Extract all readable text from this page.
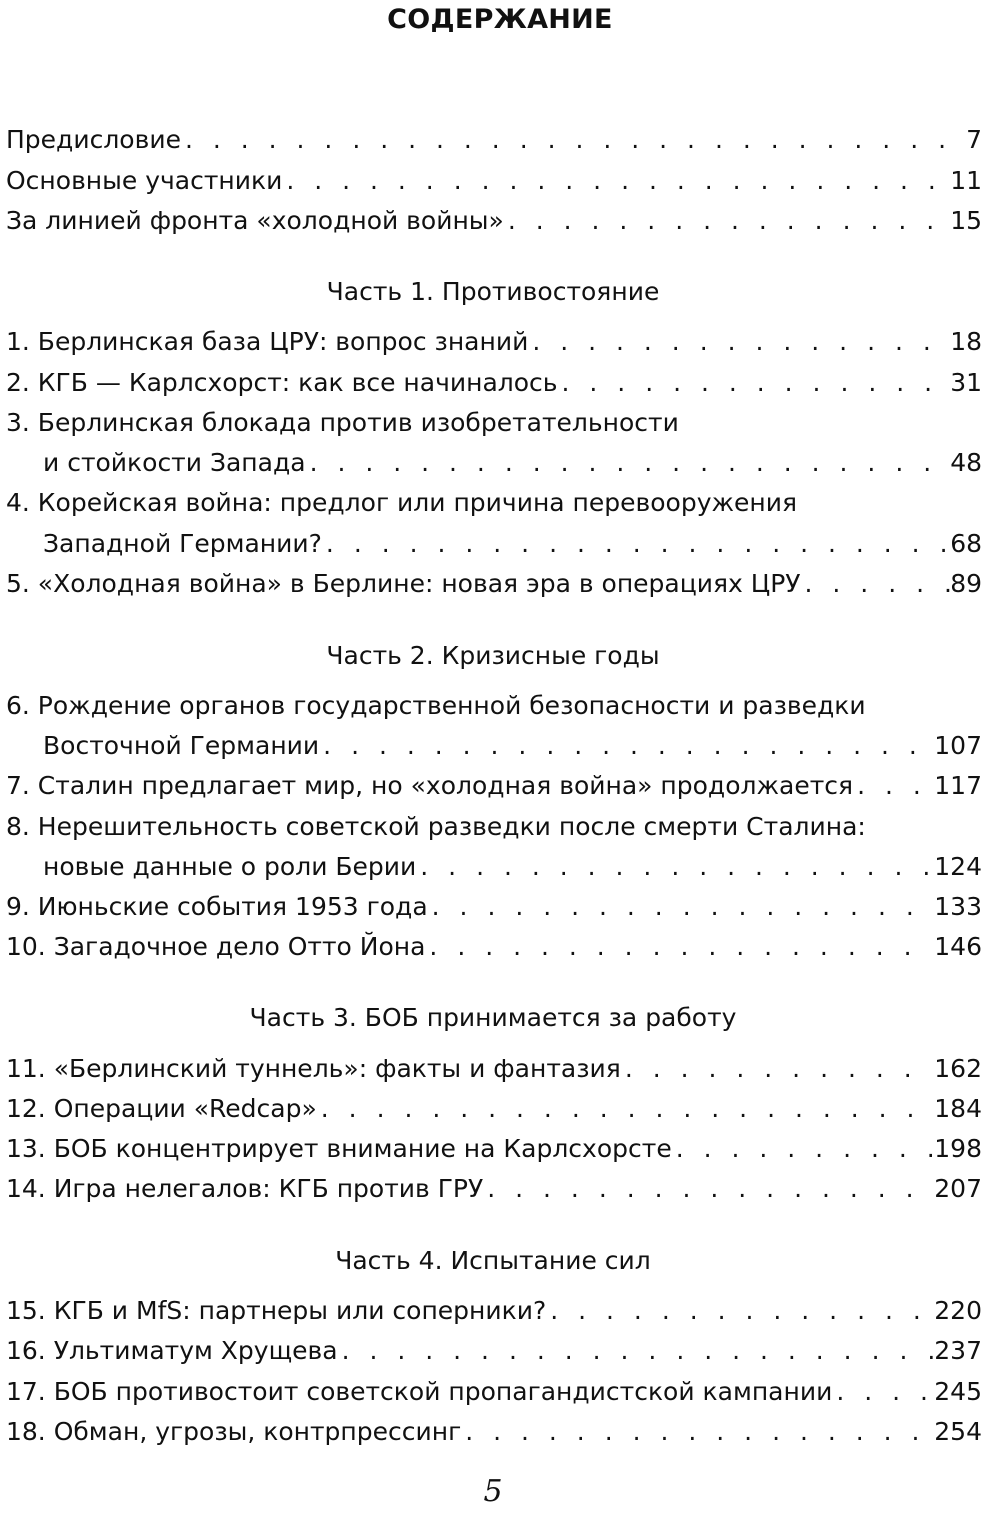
СОДЕРЖАНИЕ
Предисловие . . .	7
Основные участники . . .	11
За линией фронта «холодной войны» . . .	15
Часть 1. Противостояние
1. Берлинская база ЦРУ: вопрос знаний . . .	18
2. КГБ — Карлсхорст: как все начиналось . . .	31
3. Берлинская блокада против изобретательности
и стойкости Запада . . .	48
4. Корейская война: предлог или причина перевооружения
Западной Германии? . . .	68
5. «Холодная война» в Берлине: новая эра в операциях ЦРУ . . .	89
Часть 2. Кризисные годы
6. Рождение органов государственной безопасности и разведки
Восточной Германии . . .	107
7. Сталин предлагает мир, но «холодная война» продолжается . . .	117
8. Нерешительность советской разведки после смерти Сталина:
новые данные о роли Берии . . .	124
9. Июньские события 1953 года . . .	133
10. Загадочное дело Отто Йона . . .	146
Часть 3. БОБ принимается за работу
11. «Берлинский туннель»: факты и фантазия . . .	162
12. Операции «Redcap» . . .	184
13. БОБ концентрирует внимание на Карлсхорсте . . .	198
14. Игра нелегалов: КГБ против ГРУ . . .	207
Часть 4. Испытание сил
15. КГБ и MfS: партнеры или соперники? . . .	220
16. Ультиматум Хрущева . . .	237
17. БОБ противостоит советской пропагандистской кампании . . .	245
18. Обман, угрозы, контрпрессинг . . .	254
5
